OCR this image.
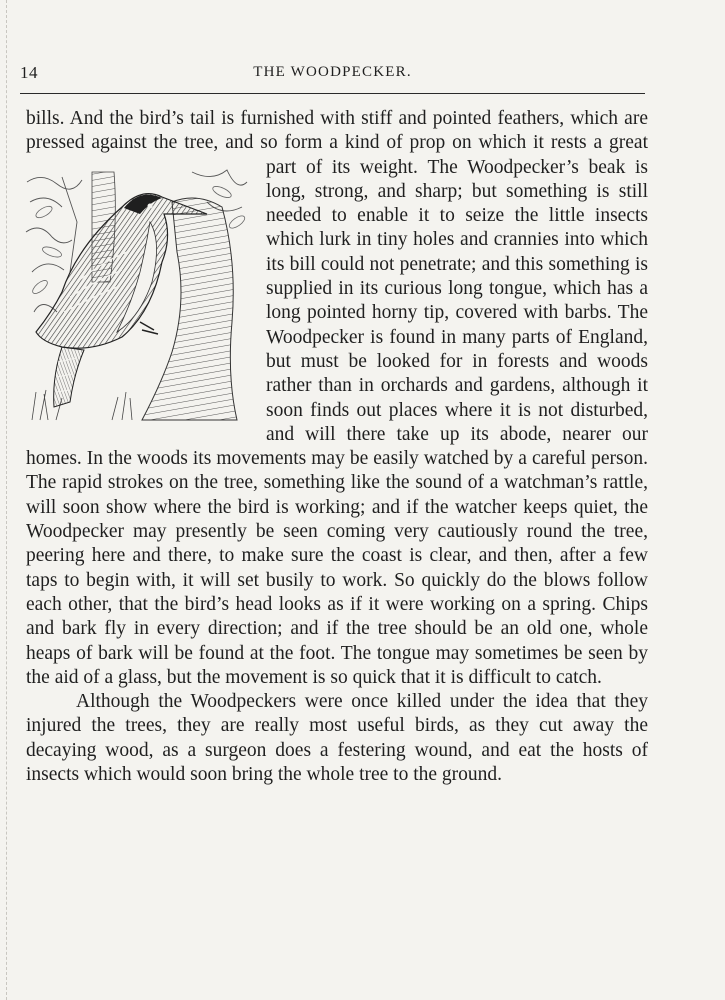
14	THE WOODPECKER.

bills. And the bird’s tail is furnished with stiff and pointed feathers, which are pressed against the tree, and so form a kind of prop on which it rests a great part of its weight.
The Woodpecker’s beak is long, strong, and sharp; but something is still needed to enable it to seize the little insects which lurk in tiny holes and crannies into which its bill could not penetrate; and this something is supplied in its curious long tongue, which has a long pointed horny tip, covered with barbs. The Woodpecker is found in many parts of England, but must be looked for in forests and woods rather than in orchards and gardens, although it soon finds out places where it is not disturbed, and will there take up its abode, nearer our homes. In the woods its movements may be easily watched by a careful person. The rapid strokes on the tree, something like the sound of a watchman’s rattle, will soon show where the bird is working; and if the watcher keeps quiet, the Woodpecker may presently be seen coming very cautiously round the tree, peering here and there, to make sure the coast is clear, and then, after a few taps to begin with, it will set busily to work. So quickly do the blows follow each other, that the bird’s head looks as if it were working on a spring. Chips and bark fly in every direction; and if the tree should be an old one, whole heaps of bark will be found at the foot. The tongue may sometimes be seen by the aid of a glass, but the movement is so quick that it is difficult to catch.

Although the Woodpeckers were once killed under the idea that they injured the trees, they are really most useful birds, as they cut away the decaying wood, as a surgeon does a festering wound, and eat the hosts of insects which would soon bring the whole tree to the ground.
